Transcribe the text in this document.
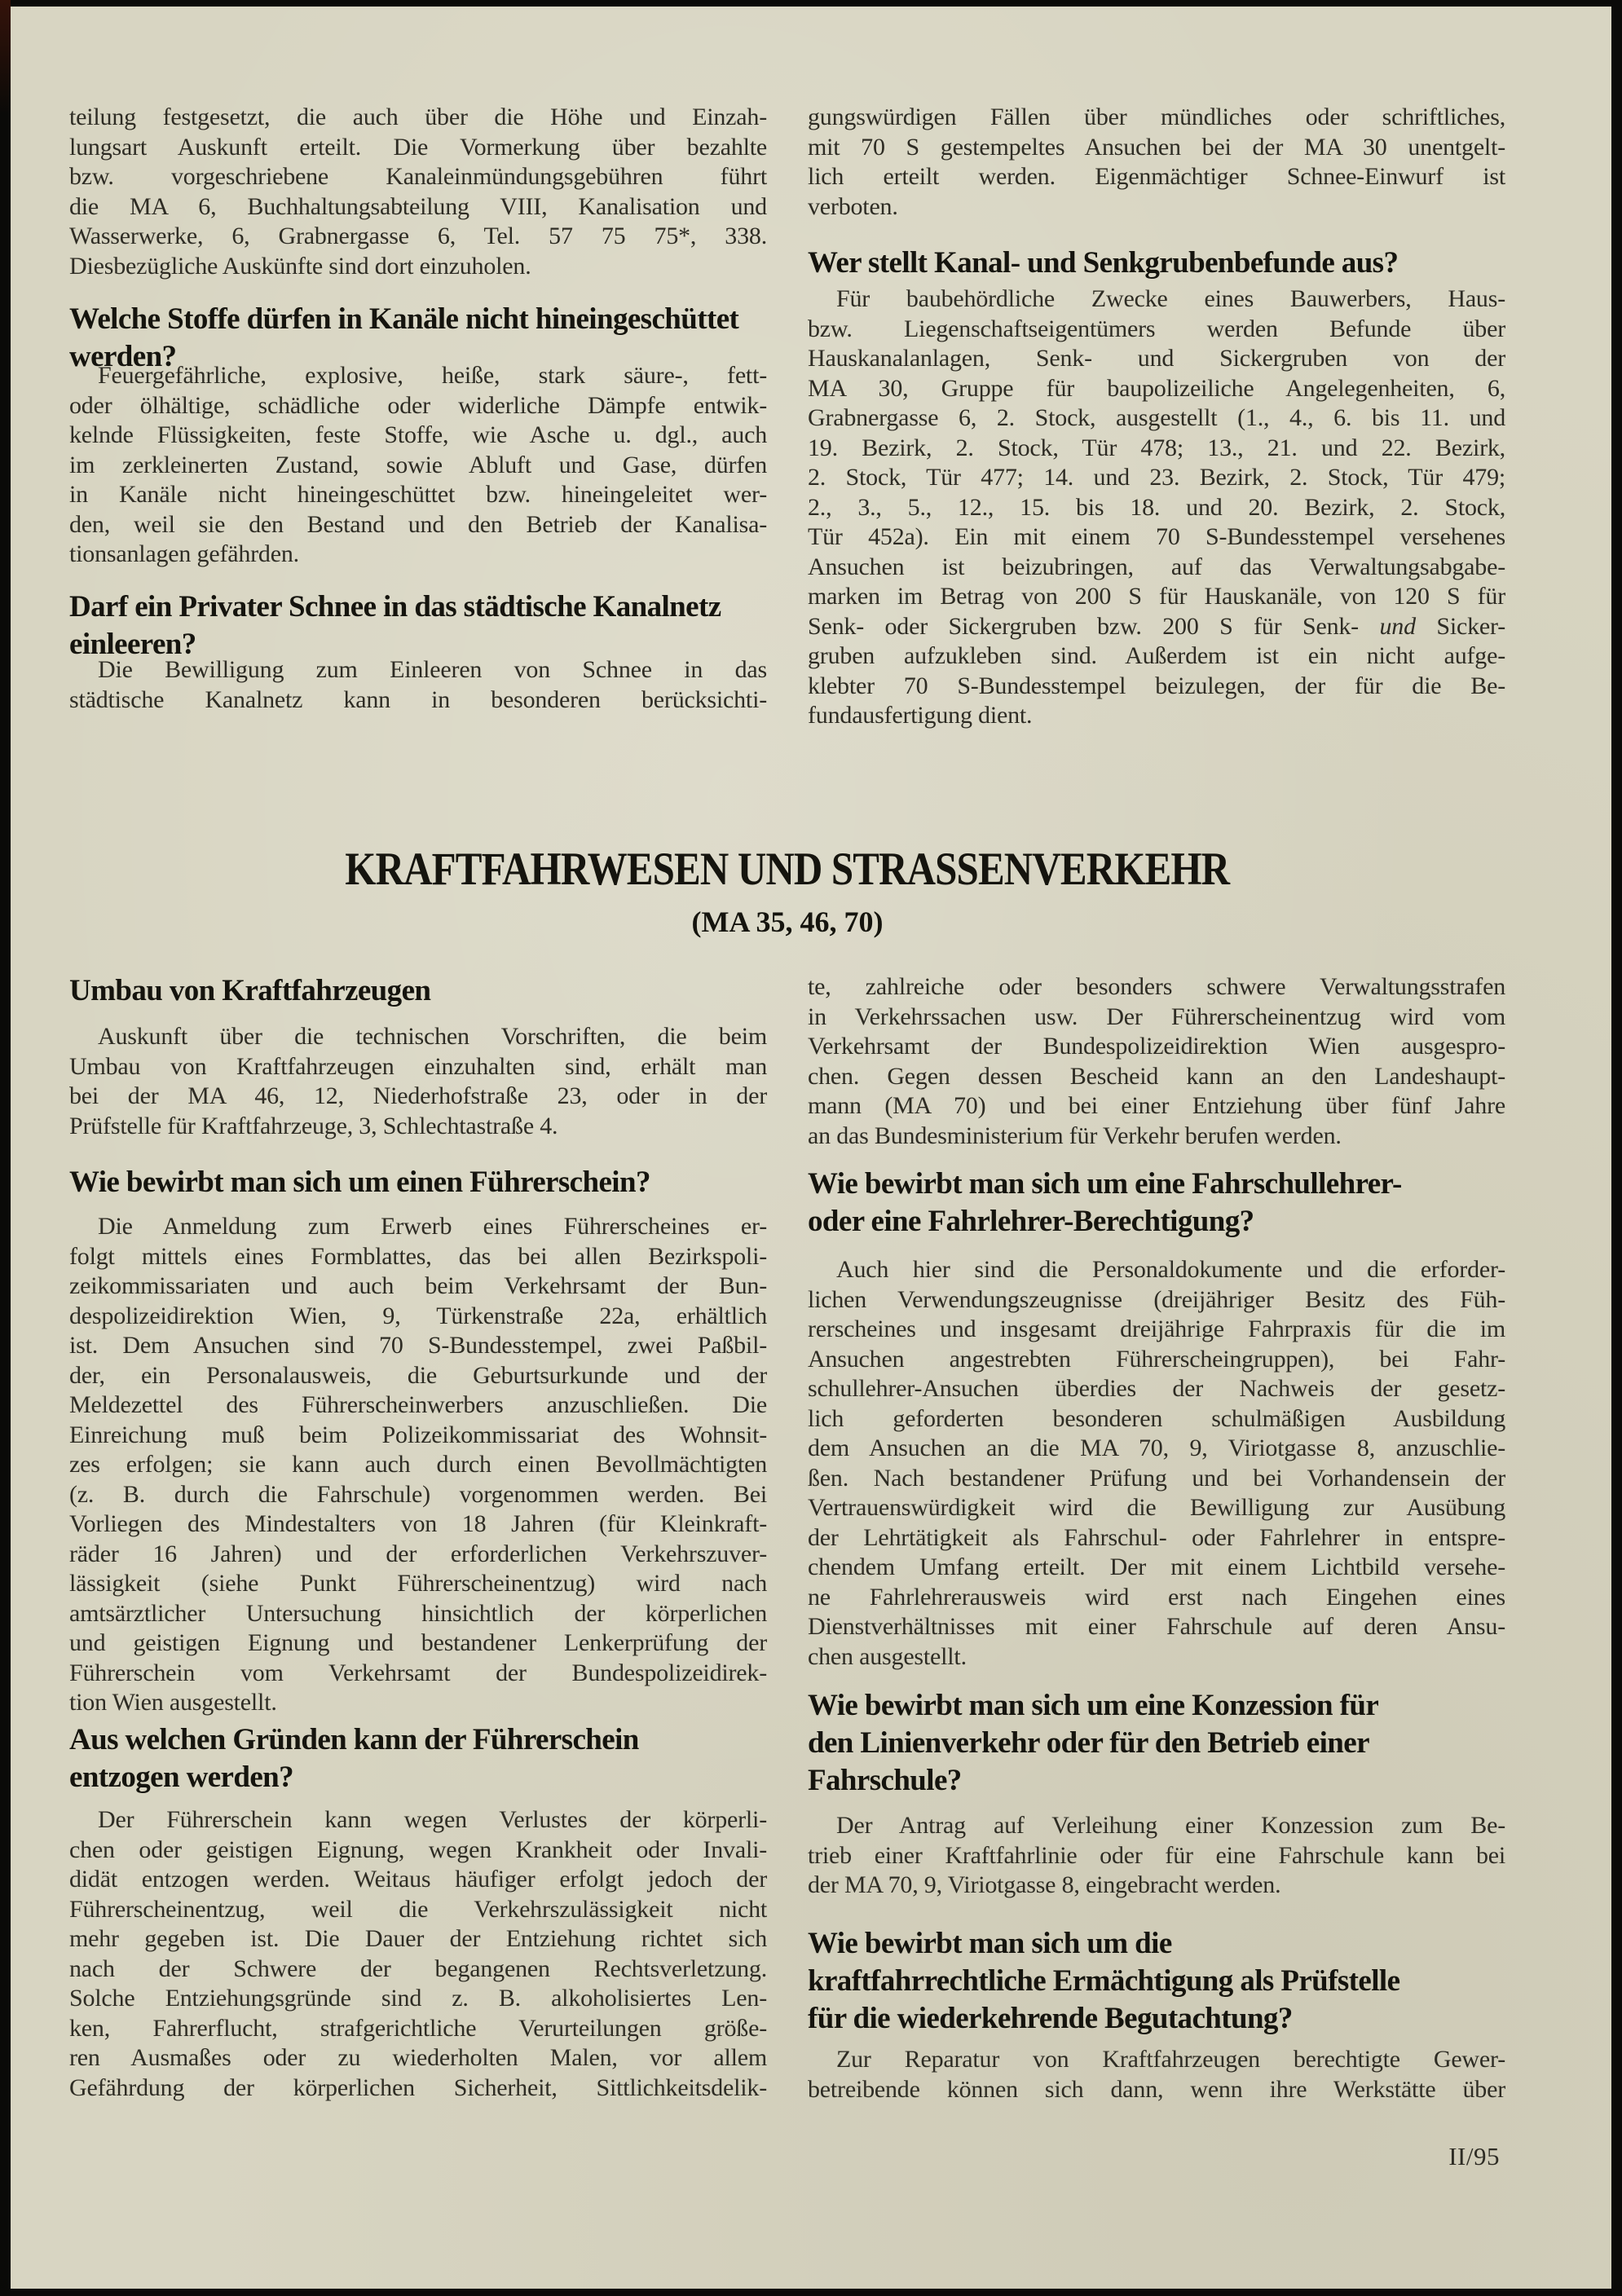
teilung festgesetzt, die auch über die Höhe und Einzah-
lungsart Auskunft erteilt. Die Vormerkung über bezahlte
bzw. vorgeschriebene Kanaleinmündungsgebühren führt
die MA 6, Buchhaltungsabteilung VIII, Kanalisation und
Wasserwerke, 6, Grabnergasse 6, Tel. 57 75 75*, 338.
Diesbezügliche Auskünfte sind dort einzuholen.
Welche Stoffe dürfen in Kanäle nicht hineingeschüttet
werden?
Feuergefährliche, explosive, heiße, stark säure-, fett-
oder ölhältige, schädliche oder widerliche Dämpfe entwik-
kelnde Flüssigkeiten, feste Stoffe, wie Asche u. dgl., auch
im zerkleinerten Zustand, sowie Abluft und Gase, dürfen
in Kanäle nicht hineingeschüttet bzw. hineingeleitet wer-
den, weil sie den Bestand und den Betrieb der Kanalisa-
tionsanlagen gefährden.
Darf ein Privater Schnee in das städtische Kanalnetz
einleeren?
Die Bewilligung zum Einleeren von Schnee in das
städtische Kanalnetz kann in besonderen berücksichti-
Umbau von Kraftfahrzeugen
Auskunft über die technischen Vorschriften, die beim
Umbau von Kraftfahrzeugen einzuhalten sind, erhält man
bei der MA 46, 12, Niederhofstraße 23, oder in der
Prüfstelle für Kraftfahrzeuge, 3, Schlechtastraße 4.
Wie bewirbt man sich um einen Führerschein?
Die Anmeldung zum Erwerb eines Führerscheines er-
folgt mittels eines Formblattes, das bei allen Bezirkspoli-
zeikommissariaten und auch beim Verkehrsamt der Bun-
despolizeidirektion Wien, 9, Türkenstraße 22a, erhältlich
ist. Dem Ansuchen sind 70 S-Bundesstempel, zwei Paßbil-
der, ein Personalausweis, die Geburtsurkunde und der
Meldezettel des Führerscheinwerbers anzuschließen. Die
Einreichung muß beim Polizeikommissariat des Wohnsit-
zes erfolgen; sie kann auch durch einen Bevollmächtigten
(z. B. durch die Fahrschule) vorgenommen werden. Bei
Vorliegen des Mindestalters von 18 Jahren (für Kleinkraft-
räder 16 Jahren) und der erforderlichen Verkehrszuver-
lässigkeit (siehe Punkt Führerscheinentzug) wird nach
amtsärztlicher Untersuchung hinsichtlich der körperlichen
und geistigen Eignung und bestandener Lenkerprüfung der
Führerschein vom Verkehrsamt der Bundespolizeidirek-
tion Wien ausgestellt.
Aus welchen Gründen kann der Führerschein
entzogen werden?
Der Führerschein kann wegen Verlustes der körperli-
chen oder geistigen Eignung, wegen Krankheit oder Invali-
didät entzogen werden. Weitaus häufiger erfolgt jedoch der
Führerscheinentzug, weil die Verkehrszulässigkeit nicht
mehr gegeben ist. Die Dauer der Entziehung richtet sich
nach der Schwere der begangenen Rechtsverletzung.
Solche Entziehungsgründe sind z. B. alkoholisiertes Len-
ken, Fahrerflucht, strafgerichtliche Verurteilungen größe-
ren Ausmaßes oder zu wiederholten Malen, vor allem
Gefährdung der körperlichen Sicherheit, Sittlichkeitsdelik-
gungswürdigen Fällen über mündliches oder schriftliches,
mit 70 S gestempeltes Ansuchen bei der MA 30 unentgelt-
lich erteilt werden. Eigenmächtiger Schnee-Einwurf ist
verboten.
Wer stellt Kanal- und Senkgrubenbefunde aus?
Für baubehördliche Zwecke eines Bauwerbers, Haus-
bzw. Liegenschaftseigentümers werden Befunde über
Hauskanalanlagen, Senk- und Sickergruben von der
MA 30, Gruppe für baupolizeiliche Angelegenheiten, 6,
Grabnergasse 6, 2. Stock, ausgestellt (1., 4., 6. bis 11. und
19. Bezirk, 2. Stock, Tür 478; 13., 21. und 22. Bezirk,
2. Stock, Tür 477; 14. und 23. Bezirk, 2. Stock, Tür 479;
2., 3., 5., 12., 15. bis 18. und 20. Bezirk, 2. Stock,
Tür 452a). Ein mit einem 70 S-Bundesstempel versehenes
Ansuchen ist beizubringen, auf das Verwaltungsabgabe-
marken im Betrag von 200 S für Hauskanäle, von 120 S für
Senk- oder Sickergruben bzw. 200 S für Senk- und Sicker-
gruben aufzukleben sind. Außerdem ist ein nicht aufge-
klebter 70 S-Bundesstempel beizulegen, der für die Be-
fundausfertigung dient.
te, zahlreiche oder besonders schwere Verwaltungsstrafen
in Verkehrssachen usw. Der Führerscheinentzug wird vom
Verkehrsamt der Bundespolizeidirektion Wien ausgespro-
chen. Gegen dessen Bescheid kann an den Landeshaupt-
mann (MA 70) und bei einer Entziehung über fünf Jahre
an das Bundesministerium für Verkehr berufen werden.
Wie bewirbt man sich um eine Fahrschullehrer-
oder eine Fahrlehrer-Berechtigung?
Auch hier sind die Personaldokumente und die erforder-
lichen Verwendungszeugnisse (dreijähriger Besitz des Füh-
rerscheines und insgesamt dreijährige Fahrpraxis für die im
Ansuchen angestrebten Führerscheingruppen), bei Fahr-
schullehrer-Ansuchen überdies der Nachweis der gesetz-
lich geforderten besonderen schulmäßigen Ausbildung
dem Ansuchen an die MA 70, 9, Viriotgasse 8, anzuschlie-
ßen. Nach bestandener Prüfung und bei Vorhandensein der
Vertrauenswürdigkeit wird die Bewilligung zur Ausübung
der Lehrtätigkeit als Fahrschul- oder Fahrlehrer in entspre-
chendem Umfang erteilt. Der mit einem Lichtbild versehe-
ne Fahrlehrerausweis wird erst nach Eingehen eines
Dienstverhältnisses mit einer Fahrschule auf deren Ansu-
chen ausgestellt.
Wie bewirbt man sich um eine Konzession für
den Linienverkehr oder für den Betrieb einer
Fahrschule?
Der Antrag auf Verleihung einer Konzession zum Be-
trieb einer Kraftfahrlinie oder für eine Fahrschule kann bei
der MA 70, 9, Viriotgasse 8, eingebracht werden.
Wie bewirbt man sich um die
kraftfahrrechtliche Ermächtigung als Prüfstelle
für die wiederkehrende Begutachtung?
Zur Reparatur von Kraftfahrzeugen berechtigte Gewer-
betreibende können sich dann, wenn ihre Werkstätte über
KRAFTFAHRWESEN UND STRASSENVERKEHR
(MA 35, 46, 70)
II/95
